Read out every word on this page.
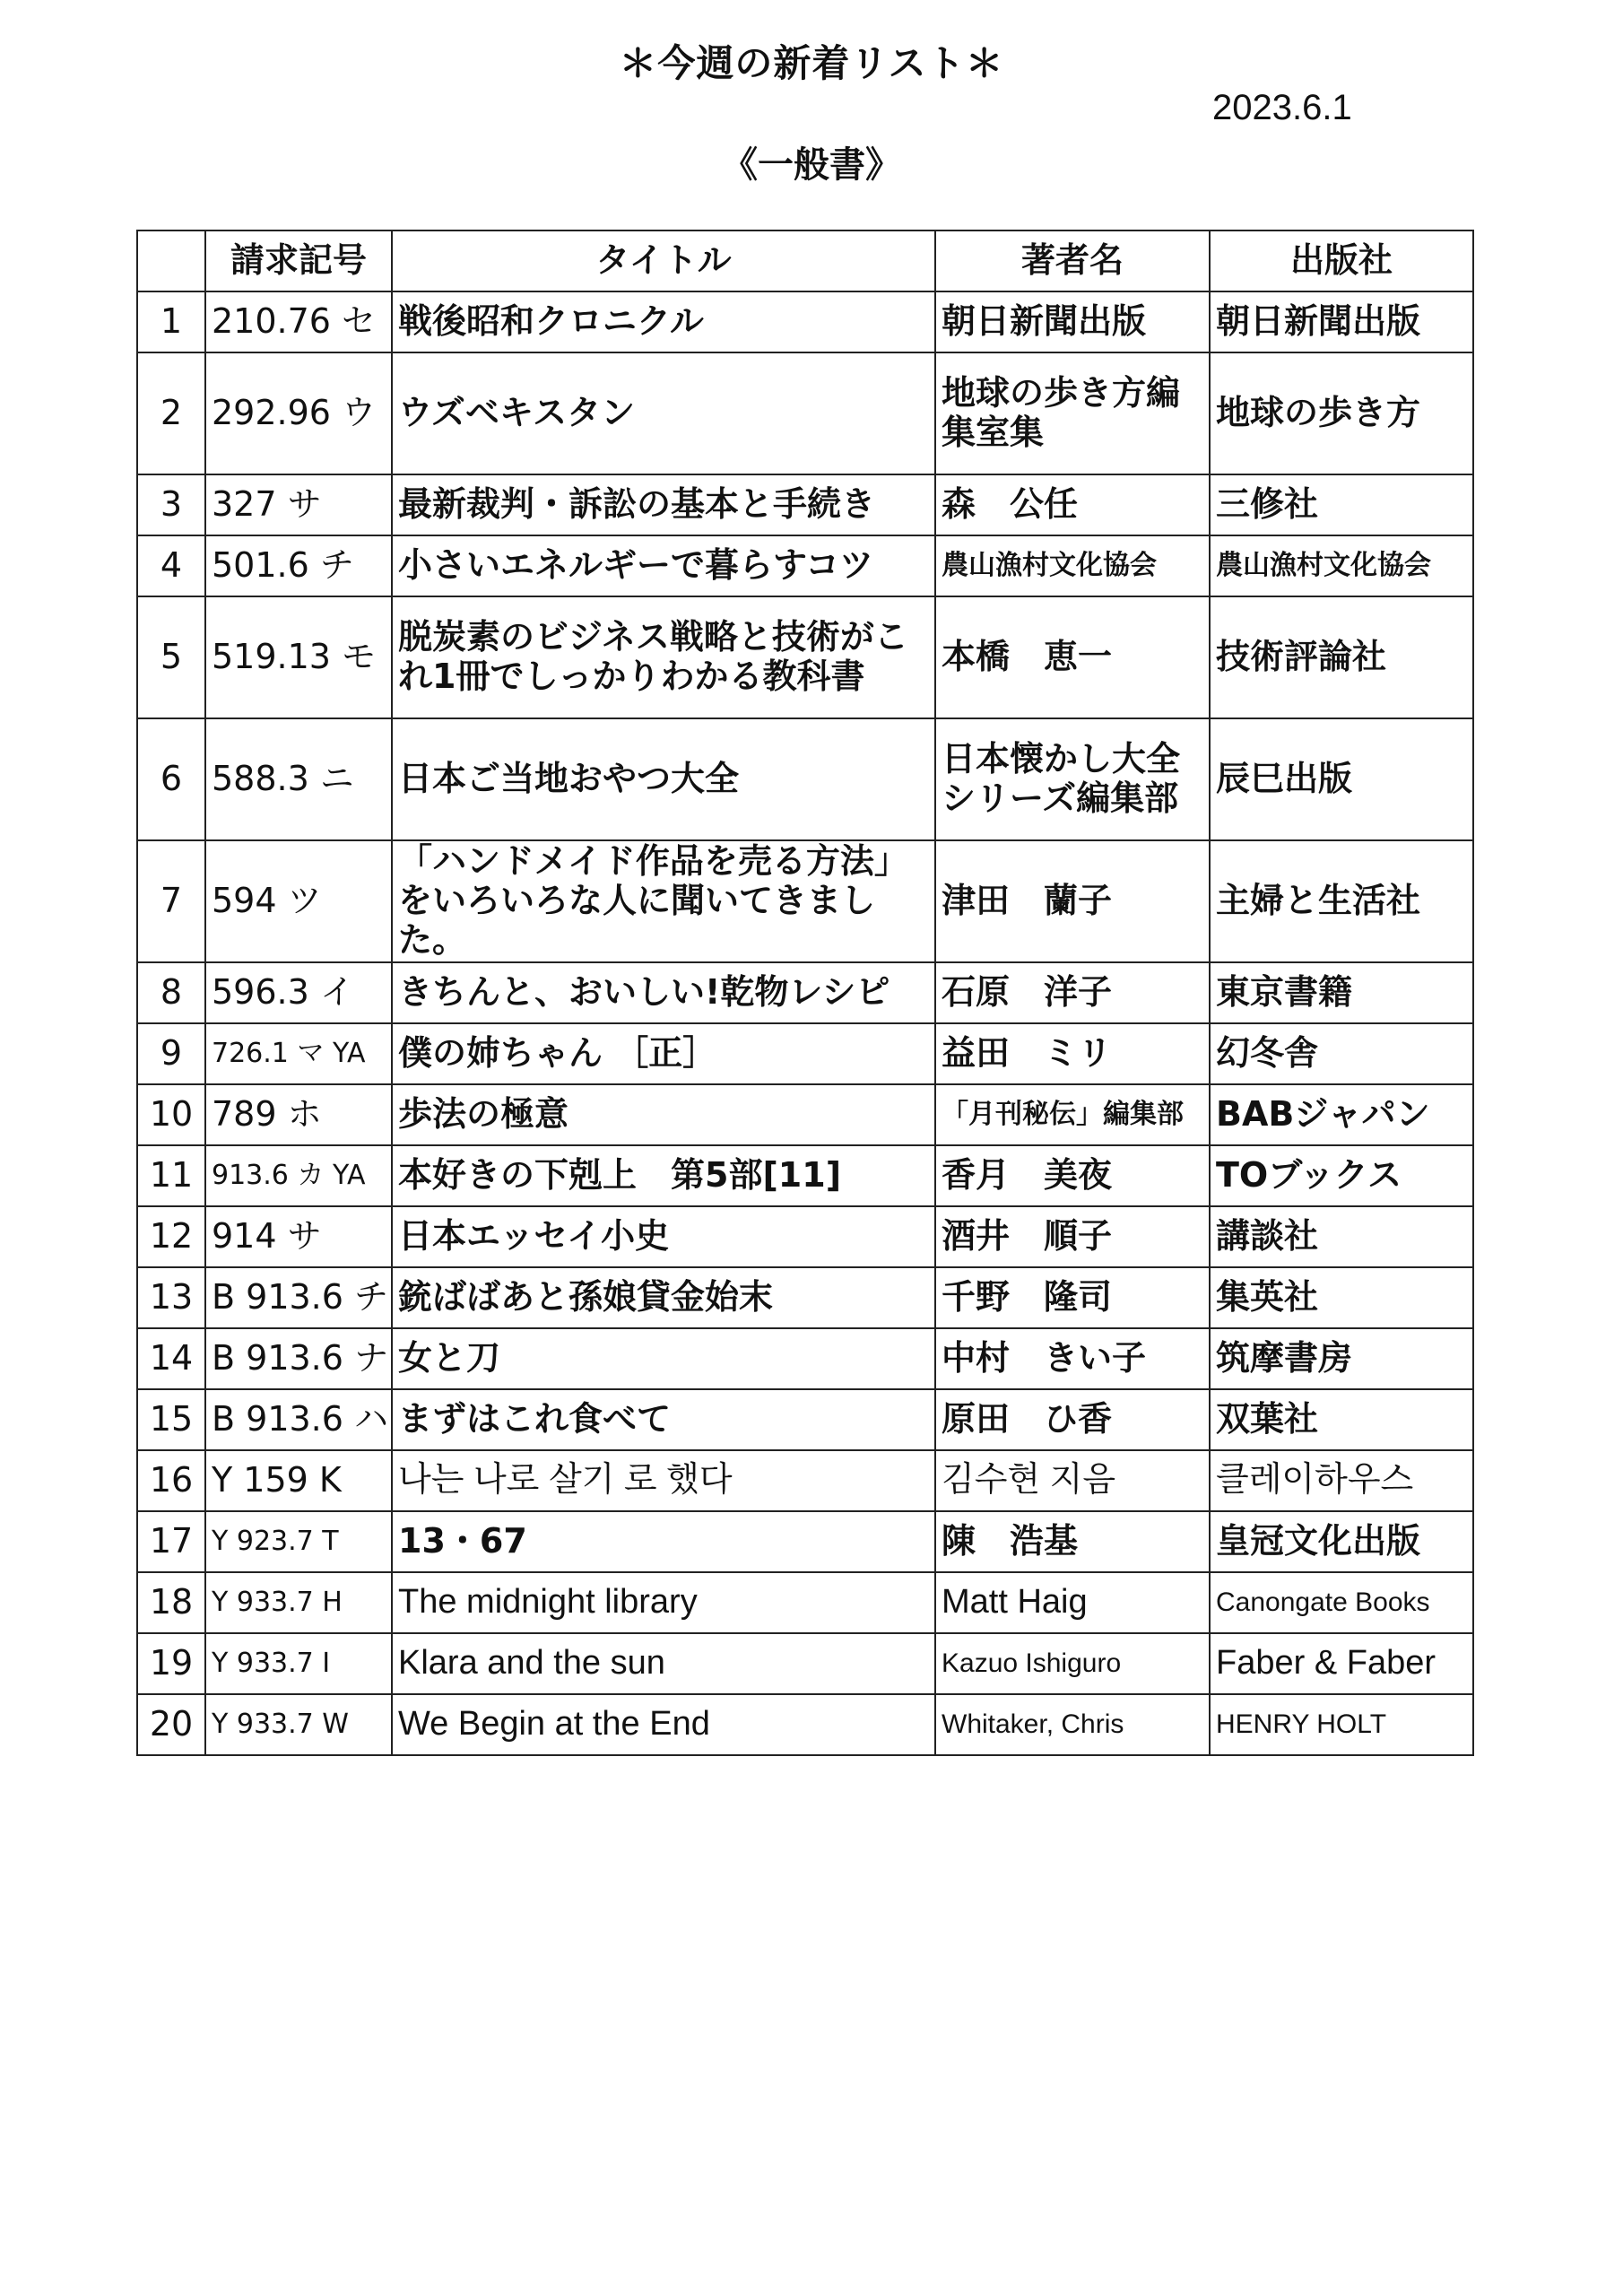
＊今週の新着リスト＊
2023.6.1
《一般書》
	請求記号	タイトル	著者名	出版社
1	210.76 セ	戦後昭和クロニクル	朝日新聞出版	朝日新聞出版
2	292.96 ウ	ウズベキスタン	地球の歩き方編集室集	地球の歩き方
3	327 サ	最新裁判・訴訟の基本と手続き	森　公任	三修社
4	501.6 チ	小さいエネルギーで暮らすコツ	農山漁村文化協会	農山漁村文化協会
5	519.13 モ	脱炭素のビジネス戦略と技術がこれ1冊でしっかりわかる教科書	本橋　恵一	技術評論社
6	588.3 ニ	日本ご当地おやつ大全	日本懐かし大全シリーズ編集部	辰巳出版
7	594 ツ	「ハンドメイド作品を売る方法」をいろいろな人に聞いてきました。	津田　蘭子	主婦と生活社
8	596.3 イ	きちんと、おいしい!乾物レシピ	石原　洋子	東京書籍
9	726.1 マ YA	僕の姉ちゃん ［正］	益田　ミリ	幻冬舎
10	789 ホ	歩法の極意	「月刊秘伝」編集部	BABジャパン
11	913.6 カ YA	本好きの下剋上　第5部[11]	香月　美夜	TOブックス
12	914 サ	日本エッセイ小史	酒井　順子	講談社
13	B 913.6 チ	銃ばばあと孫娘貸金始末	千野　隆司	集英社
14	B 913.6 ナ	女と刀	中村　きい子	筑摩書房
15	B 913.6 ハ	まずはこれ食べて	原田　ひ香	双葉社
16	Y 159 K	나는 나로 살기 로 했다	김수현 지음	클레이하우스
17	Y 923.7 T	13・67	陳　浩基	皇冠文化出版
18	Y 933.7 H	The midnight library	Matt Haig	Canongate Books
19	Y 933.7 I	Klara and the sun	Kazuo Ishiguro	Faber & Faber
20	Y 933.7 W	We Begin at the End	Whitaker, Chris	HENRY HOLT
